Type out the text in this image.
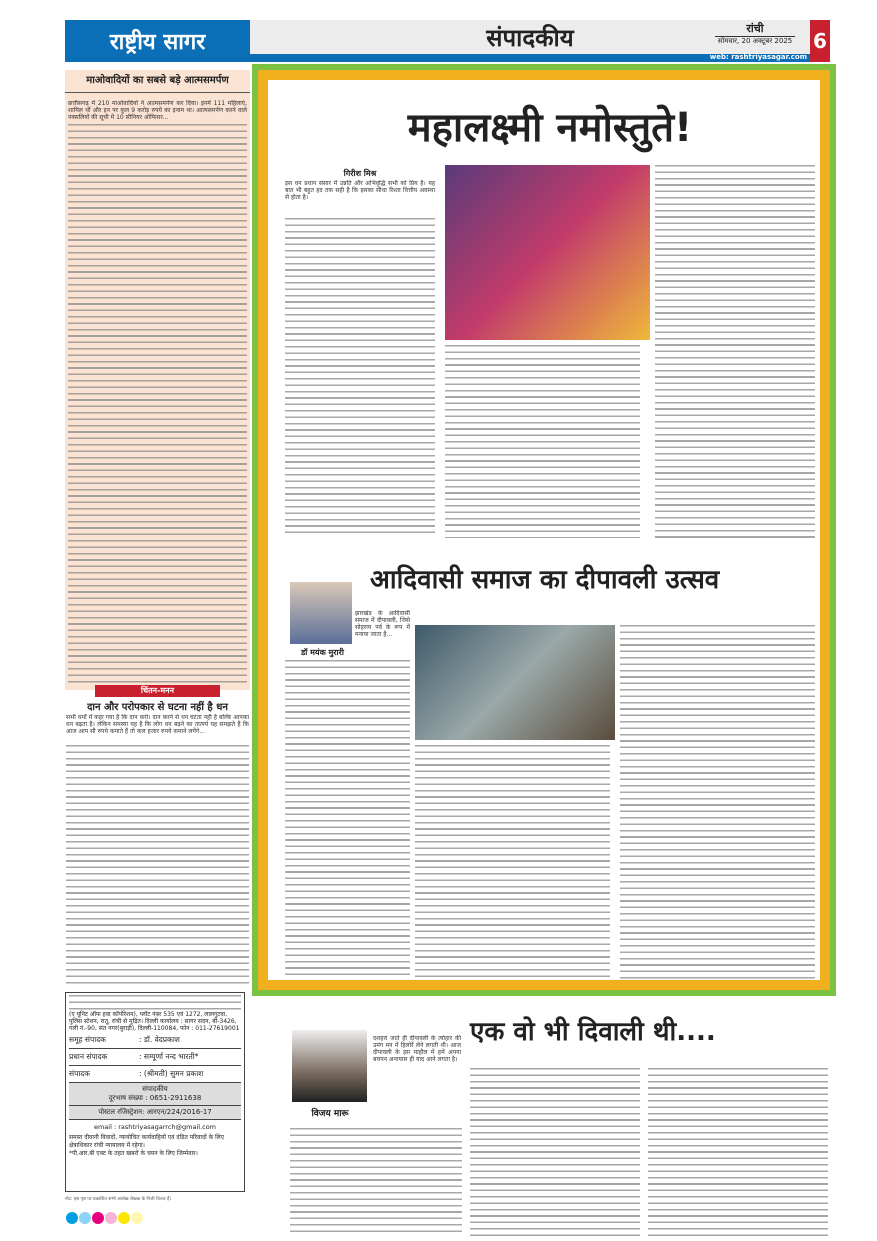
राष्ट्रीय सागर	संपादकीय
web: rashtriyasagar.com
रांची
सोमवार, 20 अक्टूबर 2025	6
माओवादियों का सबसे बड़े आत्मसमर्पण
छत्तीसगढ़ में 210 माओवादियों ने आत्मसमर्पण कर दिया। इनमें 111 महिलाएं, शामिल थीं और इन पर कुल 9 करोड़ रुपये का इनाम था। आत्मसमर्पण करने वाले नक्सलियों की सूची में 10 सीनियर ऑफिसर...
चिंतन-मनन
दान और परोपकार से घटना नहीं है धन
सभी धर्मों में कहा गया है कि दान करो। दान करने से धन घटता नहीं है बल्कि आपका धन बढ़ता है। लेकिन समस्या यह है कि लोग धन बढ़ने का तात्पर्य यह समझते हैं कि आज आप सौ रुपये कमाते हैं तो कल हजार रुपये कमाने लगेंगे...
(ए यूनिट ऑफ हवा कॉर्पोरेशन), प्लॉट नंबर 535 एवं 1272, लालगुटवा, पुलिस स्टेशन, रातू, रांची से मुद्रित। दिल्ली कार्यालय : सागर सदन, बी-3426, गली नं.-90, संत नगर(बुराड़ी), दिल्ली-110084, फोन : 011-27619001
समूह संपादक	: डॉ. वेदप्रकाश
प्रधान संपादक	: सम्पूर्णा नन्द भारती*
संपादक	: (श्रीमती) सुमन प्रकाश
संपादकीय
दूरभाष संख्या : 0651-2911638
पोस्टल रजिस्ट्रेशन: आरएन/224/2016-17
email : rashtriyasagarrch@gmail.com
समस्त दीवानी विवादों, न्यायोचित कार्यवाहियों एवं दंडित परिवादों के लिए क्षेत्राधिकार रांची न्यायालय में रहेगा।
*पी.आर.बी एक्ट के तहत खबरों के चयन के लिए जिम्मेवार।
नोट: इस पृष्ठ पर प्रकाशित सभी आलेख लेखक के निजी विचार हैं।
महालक्ष्मी नमोस्तुते!
गिरीश मिश्र
इस धन प्रधान संसार में उन्नति और अभिवृद्धि सभी को प्रिय है। यह बात भी बहुत हद तक सही है कि इसका सीधा रिश्ता वित्तीय अवस्था से होता है।
आदिवासी समाज का दीपावली उत्सव
डॉ मयंक मुरारी
झारखंड के आदिवासी समाज में दीपावली, जिसे सोहराय पर्व के रूप में मनाया जाता है...
विजय मारू
दशहरा जाते ही दीपावली के त्योहार की उमंग मन में हिलोरें लेने लगती थी। आज दीपावली के इस माहौल में हमें अपना बचपन अनायास ही याद आने लगता है।
एक वो भी दिवाली थी....
